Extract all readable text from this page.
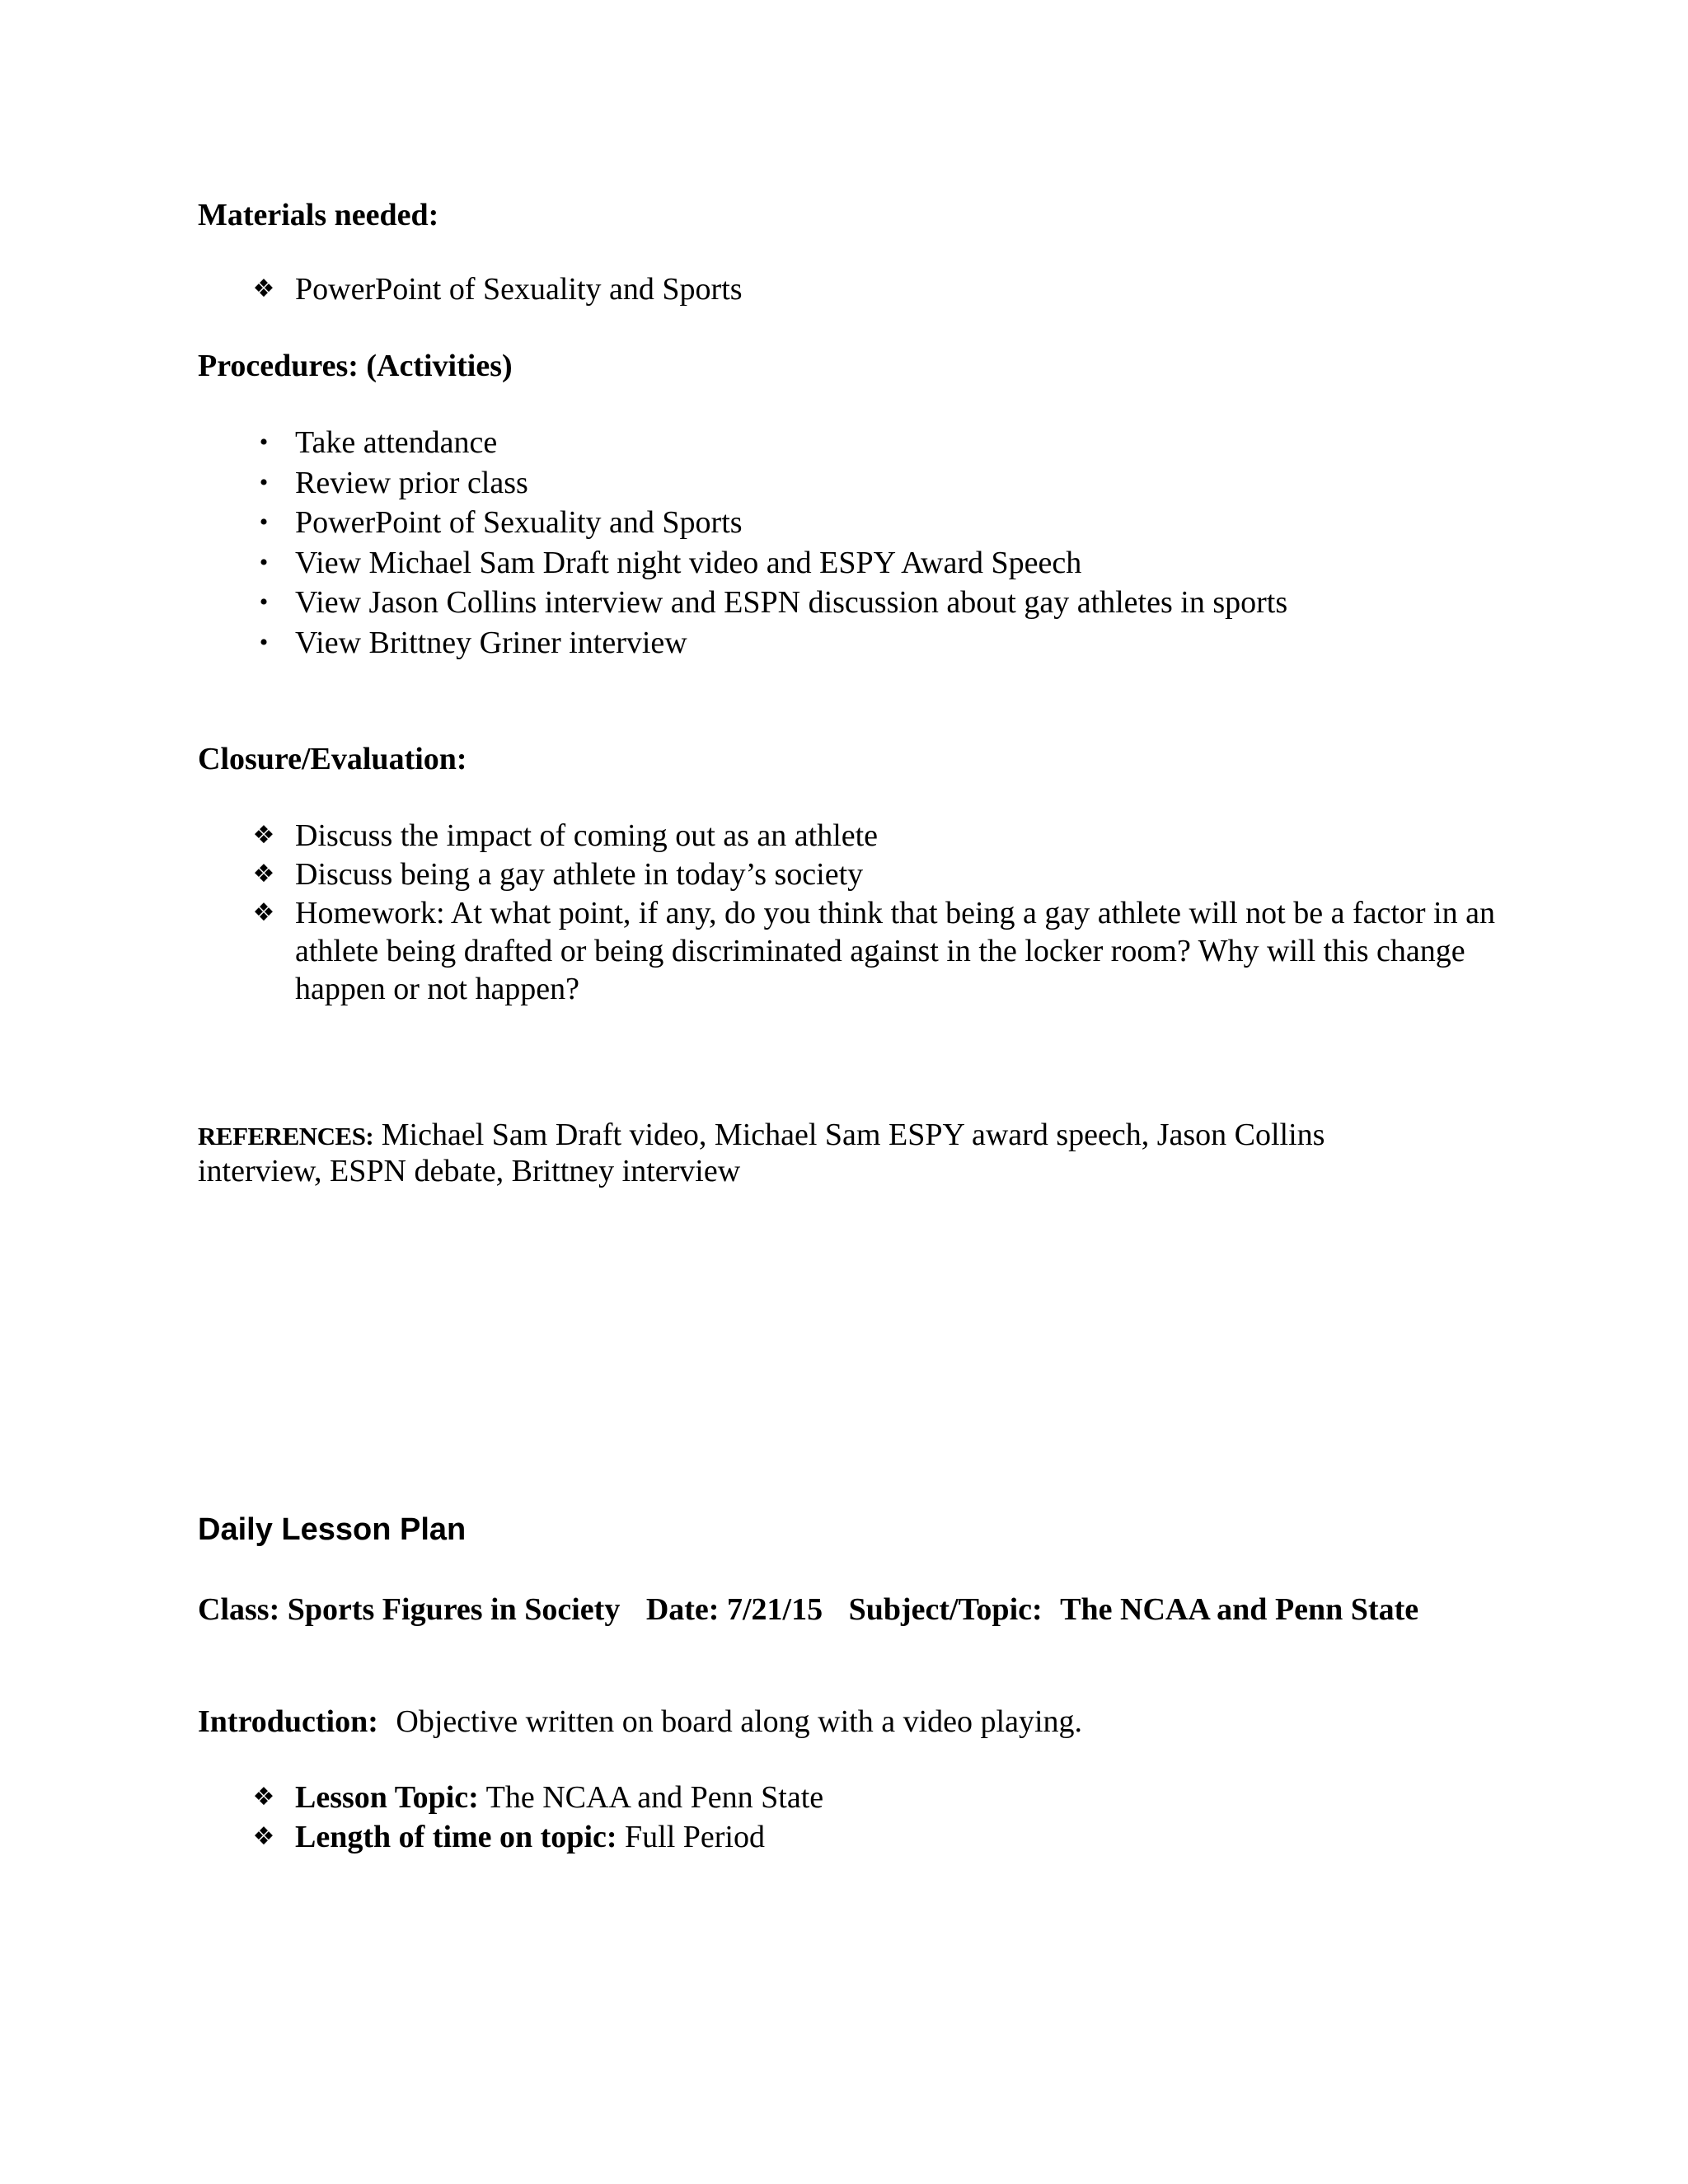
Materials needed:
❖ PowerPoint of Sexuality and Sports
Procedures: (Activities)
• Take attendance
• Review prior class
• PowerPoint of Sexuality and Sports
• View Michael Sam Draft night video and ESPY Award Speech
• View Jason Collins interview and ESPN discussion about gay athletes in sports
• View Brittney Griner interview
Closure/Evaluation:
❖ Discuss the impact of coming out as an athlete
❖ Discuss being a gay athlete in today’s society
❖ Homework: At what point, if any, do you think that being a gay athlete will not be a factor in an athlete being drafted or being discriminated against in the locker room? Why will this change happen or not happen?
REFERENCES: Michael Sam Draft video, Michael Sam ESPY award speech, Jason Collins
interview, ESPN debate, Brittney interview
Daily Lesson Plan
Class: Sports Figures in Society Date: 7/21/15 Subject/Topic: The NCAA and Penn State
Introduction: Objective written on board along with a video playing.
❖ Lesson Topic: The NCAA and Penn State
❖ Length of time on topic: Full Period
